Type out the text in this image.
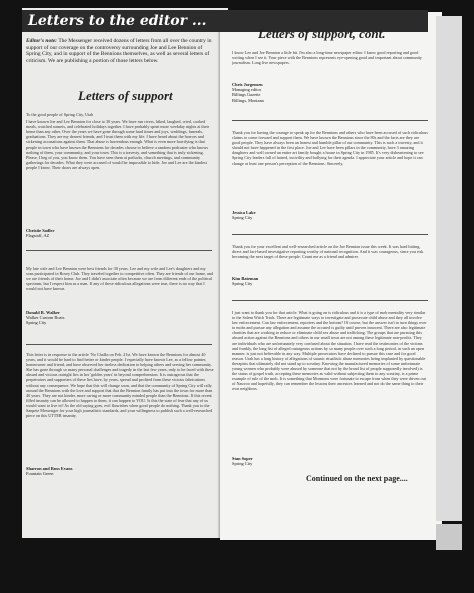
Letters to the editor ...
Editor's note: The Messenger received dozens of letters from all over the country in support of our coverage on the controversy surrounding Joe and Lee Bennion of Spring City, and in support of the Bennions themselves, as well as several letters of criticism. We are publishing a portion of those letters below.
Letters of support

To the good people of Spring City, Utah

I have known Joe and Lee Bennion for close to 30 years. We have run rivers, hiked, laughed, cried, cooked meals, watched sunsets, and celebrated holidays together. I have probably spent more weekday nights at their home than any other. Over the years we have gone through some hard times and joys, weddings, funerals, graduations. They are my dearest friends, and I trust them with my life. I have heard about the horrors and sickening accusations against them. That abuse is horrendous enough. What is even more horrifying is that people in town who have known the Bennions for decades choose to believe a random podcaster who knows nothing of them, your community, and your town. This is a travesty, and something that is truly sickening. Please, I beg of you, you know them. You have seen them at potlucks, church meetings, and community gatherings for decades. What they were accused of would be impossible to hide. Joe and Lee are the kindest people I know. Their doors are always open.

Christie Sadler
Flagstaff, AZ

My late wife and Lee Bennion were best friends for 30 years. Lee and my wife and Lee's daughters and my sons participated in Rosey Club. They traveled together to competitive often. They are friends of our home, and we are friends of their home. Joe and I didn't associate often because we are from different ends of the political spectrum, but I respect him as a man. If any of these ridiculous allegations were true, there is no way that I would not have known.

Donald R. Walker
Walker Custom Boats
Spring City

This letter is in response to the article 'No Chalks on Feb. 21st. We have known the Bennions for almost 40 years, and it would be hard to find better or kinder people. I especially have known Lee, as a fellow painter, homeowner and friend, and have observed her tireless dedication to helping others and serving her community. She has gone through so many personal challenges and tragedy in the last few years, only to be faced with these absurd and vicious outright lies in her 'golden years' in beyond comprehension. It is outrageous that the perpetrators and supporters of these lies have, by years, spread and profited from these vicious fabrications without any consequence. We hope that this will change soon, and that the community of Spring City will rally around the Bennions with the love and support that that the Bennion family has put into the town for more than 40 years. They are not kinder, more caring or more community minded people than the Bennions. If this recent filled insanity can be allowed to happen to them, it can happen to YOU. Is this the state of fear that any of us would want to live in? As the old saying goes, evil flourishes when good people do nothing. Thank you to the Sanpete Messenger for your high journalistic standards, and your willingness to publish such a well-researched piece on this UTTER insanity.

Sharron and Russ Evans
Fountain Green
Letters of support, cont.

I know Lee and Joe Bennion a little bit. I'm also a long-time newspaper editor. I know good reporting and good writing when I see it. Your piece with the Bennions represents eye-opening good and important about community journalism. Long live newspapers.

Chris Jorgensen
Managing editor
Billings Gazette
Billings, Montana

Thank you for having the courage to speak up for the Bennions and others who have been accused of such ridiculous claims to come forward and support them. We have known the Bennions since the 80s and the facts are they are good people. They have always been an honest and humble pillar of our community. This is such a travesty, and it should not have happened in the first place. Joe and Lee have been pillars in the community, have 3 amazing daughters and well owned an entire art family bought a house in Spring City in 1985. It's very disheartening to see Spring City leaders full of hatred, incivility and bullying for their agenda. I appreciate your article and hope it can change at least one person's perception of the Bennions. Sincerely,

Jessica Lake
Spring City

Thank you for your excellent and well-researched article on the Joe Bennion issue this week. It was hard hitting, direct and fact-based investigative reporting worthy of national recognition. And it was courageous, since you risk becoming the next target of these people. Count me as a friend and admirer.

Kim Bateman
Spring City

I just want to thank you for that article. What is going on is ridiculous and it is a type of mob mentality very similar to the Salem Witch Trials. There are legitimate ways to investigate and prosecute child abuse and they all involve law enforcement. Can law enforcement, reporters and the bottom? Of course, but the answer isn't to turn things over to mobs and pursue any allegation and assume the accused is guilty until proven innocent. There are also legitimate charities that are working to reduce or eliminate child sex abuse and trafficking. The groups that are pursuing this absurd action against the Bennions and others in our small town are not among these legitimate non-profits. They are individuals who are unfortunately very confused about the situation. I have read the testimonies of the victims and frankly, the long list of alleged outrageous actions by so many people over such a long period, in such an open manner, is just not believable in any way. Multiple prosecutors have declined to pursue this case and for good reason. Utah has a long history of allegations of satanic ritualistic abuse memories being implanted by questionable therapists that ultimately did not stand up to scrutiny. Knowing the manufactured memories of some unfortunate young women who probably were abused by someone that not by the broad list of people supposedly involved) is the status of gospel truth, accepting these memories as valid without subjecting them to any scrutiny, is a prime example of rule of the mob. It is something that Mormons were fortunate to escape from when they were driven out of Nauvoo and hopefully, they can remember the lessons their ancestors learned and not do the same thing to their own neighbors.

Stan Soper
Spring City
Continued on the next page....
